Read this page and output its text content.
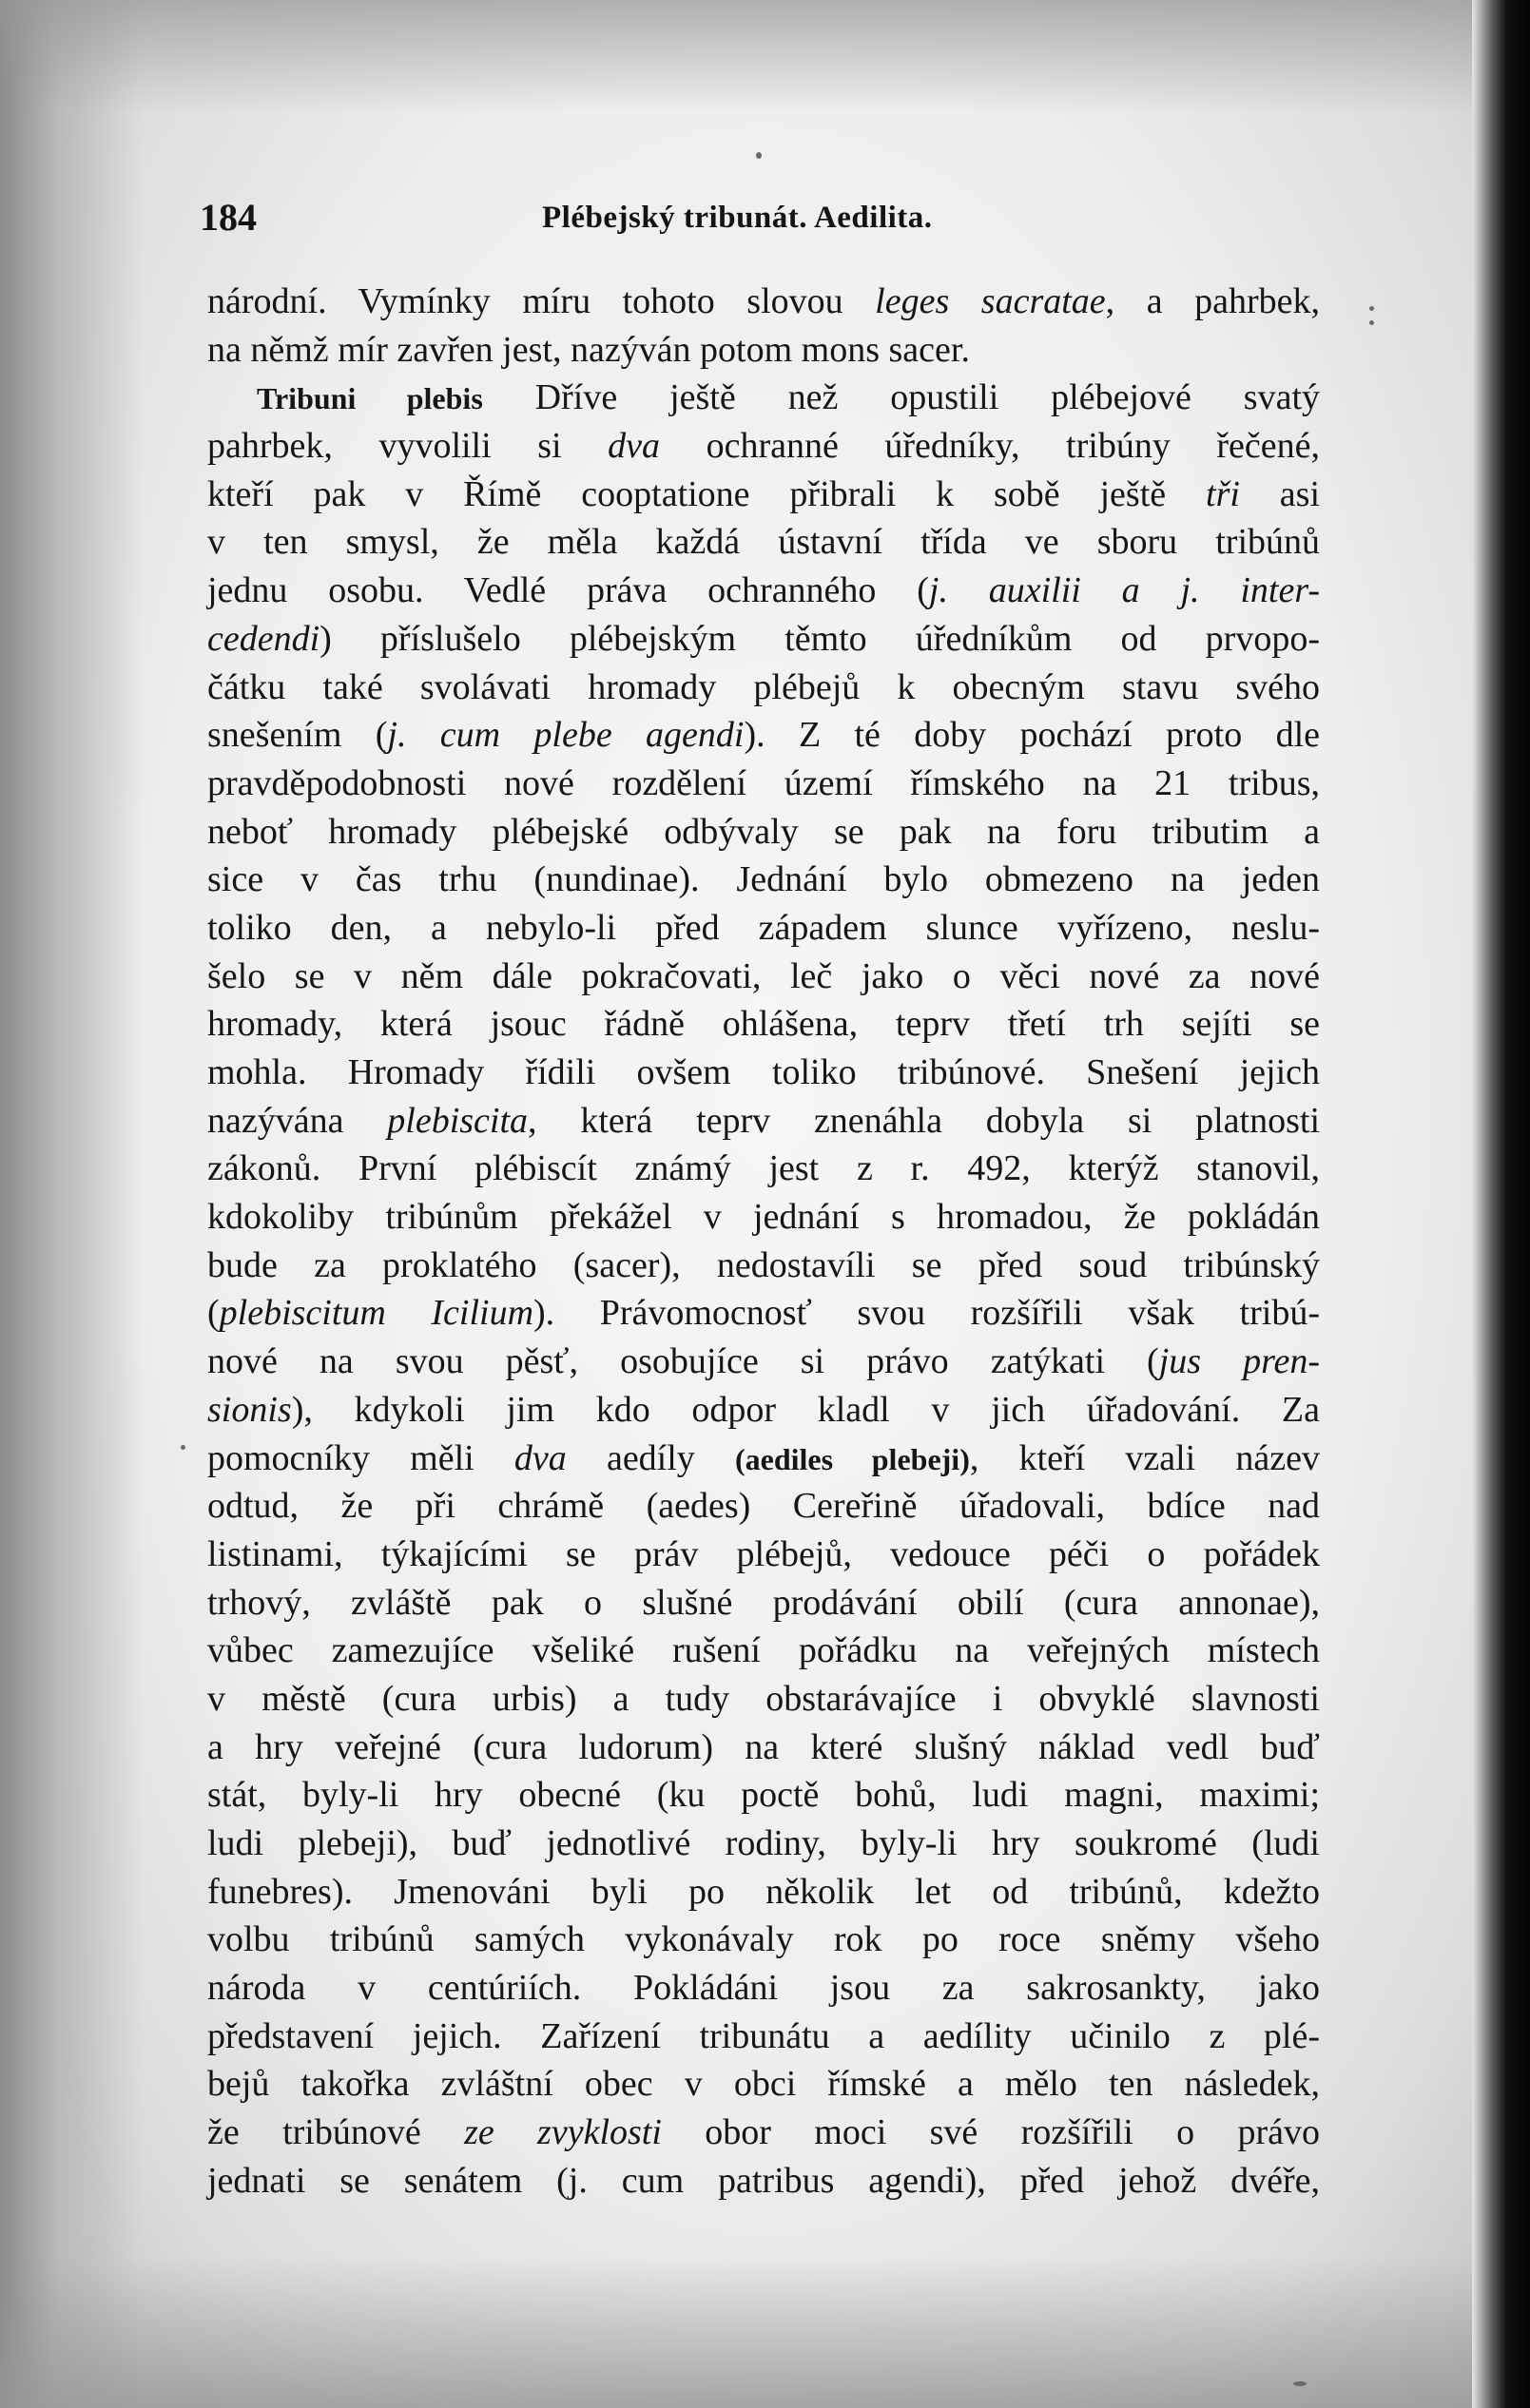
184	Plébejský tribunát. Aedilita.
národní. Vymínky míru tohoto slovou leges sacratae, a pahrbek,
na němž mír zavřen jest, nazýván potom mons sacer.
Tribuni plebis Dříve ještě než opustili plébejové svatý
pahrbek, vyvolili si dva ochranné úředníky, tribúny řečené,
kteří pak v Římě cooptatione přibrali k sobě ještě tři asi
v ten smysl, že měla každá ústavní třída ve sboru tribúnů
jednu osobu. Vedlé práva ochranného (j. auxilii a j. inter-
cedendi) příslušelo plébejským těmto úředníkům od prvopo-
čátku také svolávati hromady plébejů k obecným stavu svého
snešením (j. cum plebe agendi). Z té doby pochází proto dle
pravděpodobnosti nové rozdělení území římského na 21 tribus,
neboť hromady plébejské odbývaly se pak na foru tributim a
sice v čas trhu (nundinae). Jednání bylo obmezeno na jeden
toliko den, a nebylo-li před západem slunce vyřízeno, neslu-
šelo se v něm dále pokračovati, leč jako o věci nové za nové
hromady, která jsouc řádně ohlášena, teprv třetí trh sejíti se
mohla. Hromady řídili ovšem toliko tribúnové. Snešení jejich
nazývána plebiscita, která teprv znenáhla dobyla si platnosti
zákonů. První plébiscít známý jest z r. 492, kterýž stanovil,
kdokoliby tribúnům překážel v jednání s hromadou, že pokládán
bude za proklatého (sacer), nedostavíli se před soud tribúnský
(plebiscitum Icilium). Právomocnosť svou rozšířili však tribú-
nové na svou pěsť, osobujíce si právo zatýkati (jus pren-
sionis), kdykoli jim kdo odpor kladl v jich úřadování. Za
pomocníky měli dva aedíly (aediles plebeji), kteří vzali název
odtud, že při chrámě (aedes) Cereřině úřadovali, bdíce nad
listinami, týkajícími se práv plébejů, vedouce péči o pořádek
trhový, zvláště pak o slušné prodávání obilí (cura annonae),
vůbec zamezujíce všeliké rušení pořádku na veřejných místech
v městě (cura urbis) a tudy obstarávajíce i obvyklé slavnosti
a hry veřejné (cura ludorum) na které slušný náklad vedl buď
stát, byly-li hry obecné (ku poctě bohů, ludi magni, maximi;
ludi plebeji), buď jednotlivé rodiny, byly-li hry soukromé (ludi
funebres). Jmenováni byli po několik let od tribúnů, kdežto
volbu tribúnů samých vykonávaly rok po roce sněmy všeho
národa v centúriích. Pokládáni jsou za sakrosankty, jako
představení jejich. Zařízení tribunátu a aedílity učinilo z plé-
bejů takořka zvláštní obec v obci římské a mělo ten následek,
že tribúnové ze zvyklosti obor moci své rozšířili o právo
jednati se senátem (j. cum patribus agendi), před jehož dvéře,
